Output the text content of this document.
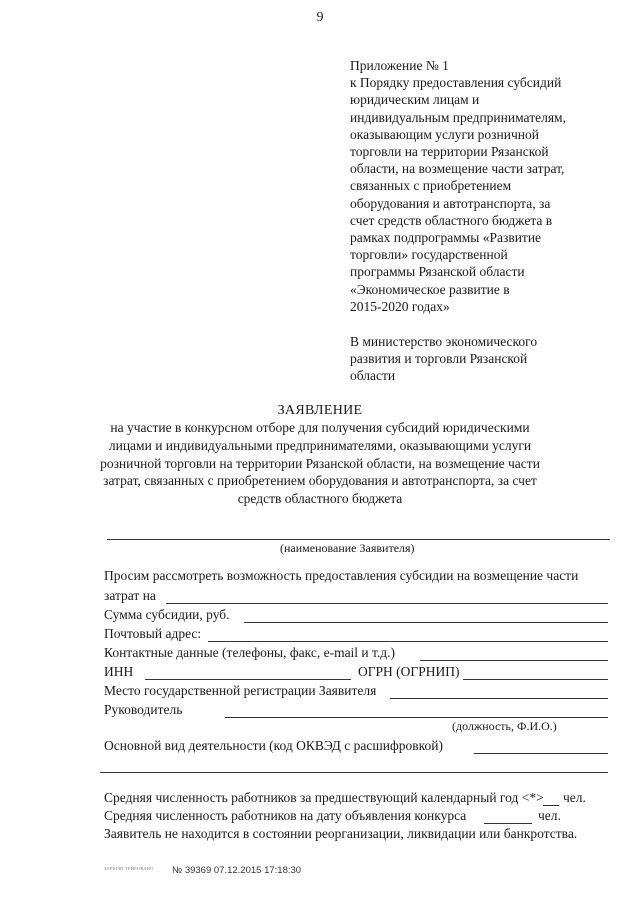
9
Приложение № 1
к Порядку предоставления субсидий
юридическим лицам и
индивидуальным предпринимателям,
оказывающим услуги розничной
торговли на территории Рязанской
области, на возмещение части затрат,
связанных с приобретением
оборудования и автотранспорта, за
счет средств областного бюджета в
рамках подпрограммы «Развитие
торговли» государственной
программы Рязанской области
«Экономическое развитие в
2015-2020 годах»
В министерство экономического
развития и торговли Рязанской
области
ЗАЯВЛЕНИЕ
на участие в конкурсном отборе для получения субсидий юридическими
лицами и индивидуальными предпринимателями, оказывающими услуги
розничной торговли на территории Рязанской области, на возмещение части
затрат, связанных с приобретением оборудования и автотранспорта, за счет
средств областного бюджета
(наименование Заявителя)
Просим рассмотреть возможность предоставления субсидии на возмещение части
затрат на
Сумма субсидии, руб.
Почтовый адрес:
Контактные данные (телефоны, факс, e-mail и т.д.)
ИНН	ОГРН (ОГРНИП)
Место государственной регистрации Заявителя
Руководитель
(должность, Ф.И.О.)
Основной вид деятельности (код ОКВЭД с расшифровкой)
Средняя численность работников за предшествующий календарный год <*> чел.
Средняя численность работников на дату объявления конкурса	чел.
Заявитель не находится в состоянии реорганизации, ликвидации или банкротства.
ЗАРЕГИСТРИРОВАНО № 39369 07.12.2015 17:18:30
